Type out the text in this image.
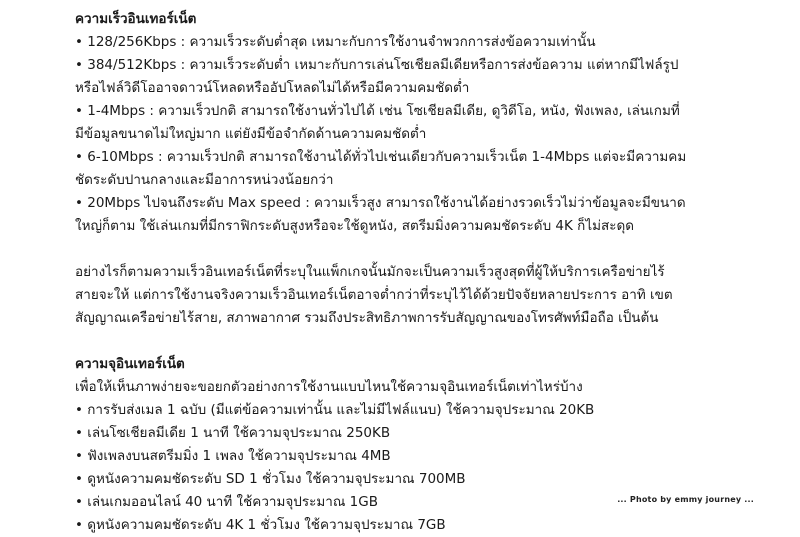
ความเร็วอินเทอร์เน็ต

• 128/256Kbps : ความเร็วระดับต่ำสุด เหมาะกับการใช้งานจำพวกการส่งข้อความเท่านั้น

• 384/512Kbps : ความเร็วระดับต่ำ เหมาะกับการเล่นโซเชียลมีเดียหรือการส่งข้อความ แต่หากมีไฟล์รูป

หรือไฟล์วิดีโออาจดาวน์โหลดหรืออัปโหลดไม่ได้หรือมีความคมชัดต่ำ

• 1-4Mbps : ความเร็วปกติ สามารถใช้งานทั่วไปได้ เช่น โซเชียลมีเดีย, ดูวิดีโอ, หนัง, ฟังเพลง, เล่นเกมที่

มีข้อมูลขนาดไม่ใหญ่มาก แต่ยังมีข้อจำกัดด้านความคมชัดต่ำ

• 6-10Mbps : ความเร็วปกติ สามารถใช้งานได้ทั่วไปเช่นเดียวกับความเร็วเน็ต 1-4Mbps แต่จะมีความคม

ชัดระดับปานกลางและมีอาการหน่วงน้อยกว่า

• 20Mbps ไปจนถึงระดับ Max speed : ความเร็วสูง สามารถใช้งานได้อย่างรวดเร็วไม่ว่าข้อมูลจะมีขนาด

ใหญ่ก็ตาม ใช้เล่นเกมที่มีกราฟิกระดับสูงหรือจะใช้ดูหนัง, สตรีมมิ่งความคมชัดระดับ 4K ก็ไม่สะดุด

อย่างไรก็ตามความเร็วอินเทอร์เน็ตที่ระบุในแพ็กเกจนั้นมักจะเป็นความเร็วสูงสุดที่ผู้ให้บริการเครือข่ายไร้

สายจะให้ แต่การใช้งานจริงความเร็วอินเทอร์เน็ตอาจต่ำกว่าที่ระบุไว้ได้ด้วยปัจจัยหลายประการ อาทิ เขต

สัญญาณเครือข่ายไร้สาย, สภาพอากาศ รวมถึงประสิทธิภาพการรับสัญญาณของโทรศัพท์มือถือ เป็นต้น

ความจุอินเทอร์เน็ต

เพื่อให้เห็นภาพง่ายจะขอยกตัวอย่างการใช้งานแบบไหนใช้ความจุอินเทอร์เน็ตเท่าไหร่บ้าง

• การรับส่งเมล 1 ฉบับ (มีแต่ข้อความเท่านั้น และไม่มีไฟล์แนบ) ใช้ความจุประมาณ 20KB

• เล่นโซเชียลมีเดีย 1 นาที ใช้ความจุประมาณ 250KB

• ฟังเพลงบนสตรีมมิ่ง 1 เพลง ใช้ความจุประมาณ 4MB

• ดูหนังความคมชัดระดับ SD 1 ชั่วโมง ใช้ความจุประมาณ 700MB

• เล่นเกมออนไลน์ 40 นาที ใช้ความจุประมาณ 1GB

• ดูหนังความคมชัดระดับ 4K 1 ชั่วโมง ใช้ความจุประมาณ 7GB

... Photo by emmy journey ...
